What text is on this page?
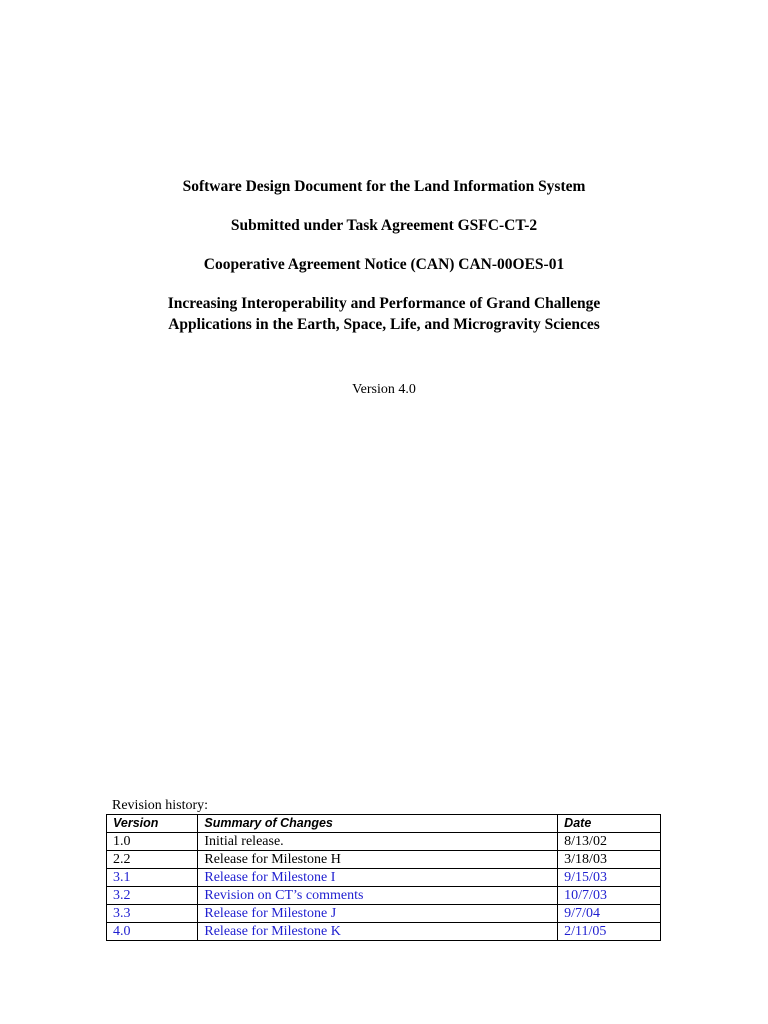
Software Design Document for the Land Information System

Submitted under Task Agreement GSFC-CT-2

Cooperative Agreement Notice (CAN) CAN-00OES-01

Increasing Interoperability and Performance of Grand Challenge

Applications in the Earth, Space, Life, and Microgravity Sciences

Version 4.0
Revision history:
Version	Summary of Changes	Date
1.0	Initial release.	8/13/02
2.2	Release for Milestone H	3/18/03
3.1	Release for Milestone I	9/15/03
3.2	Revision on CT’s comments	10/7/03
3.3	Release for Milestone J	9/7/04
4.0	Release for Milestone K	2/11/05
